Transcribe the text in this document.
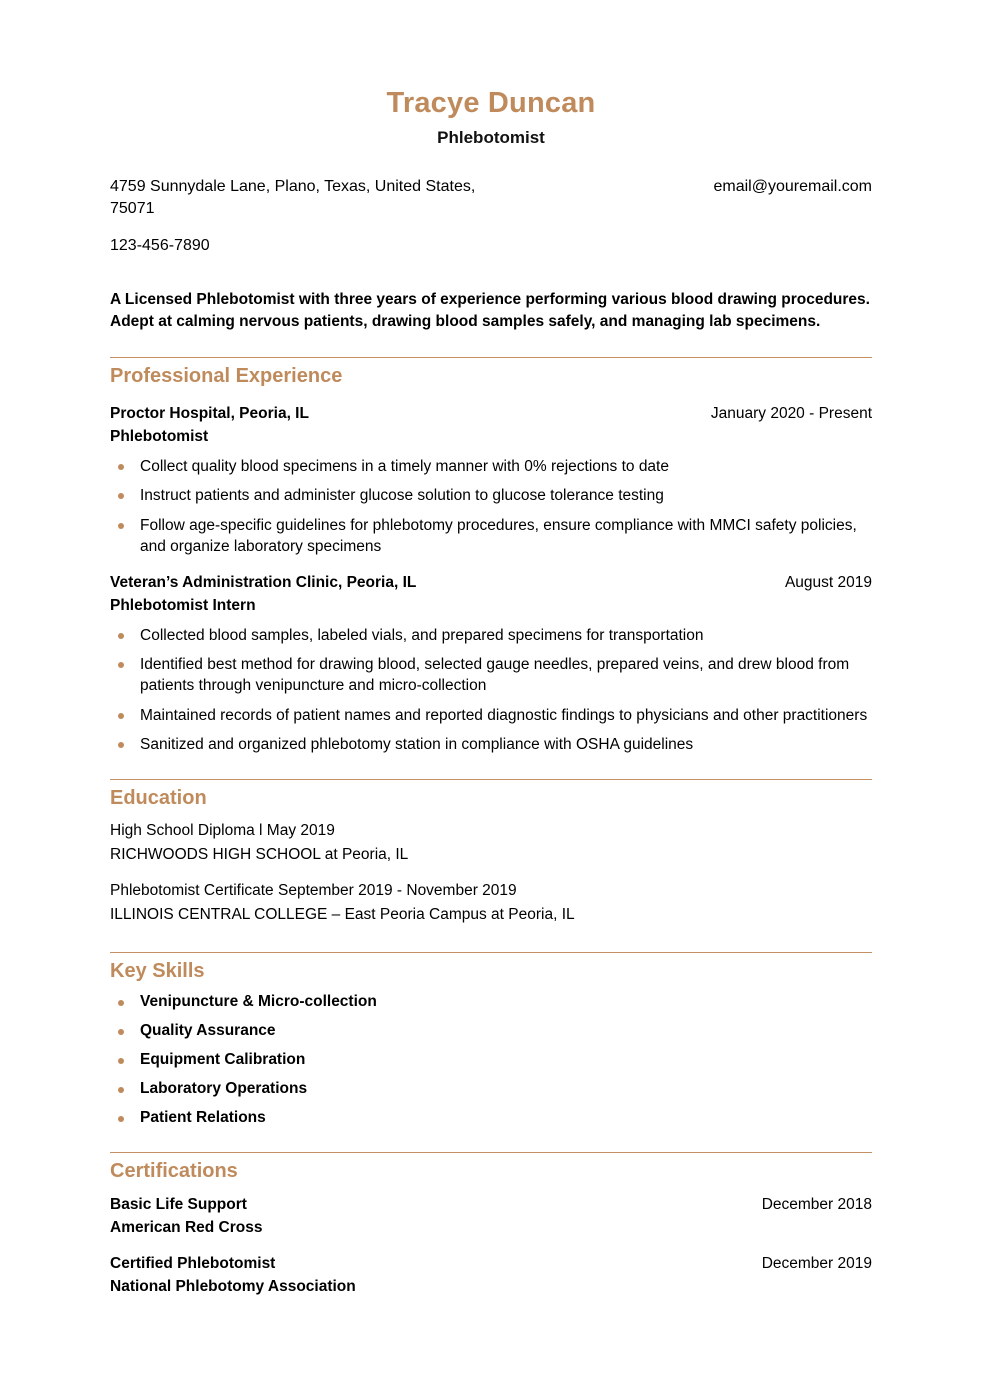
Tracye Duncan
Phlebotomist
4759 Sunnydale Lane, Plano, Texas, United States, 75071
email@youremail.com
123-456-7890
A Licensed Phlebotomist with three years of experience performing various blood drawing procedures. Adept at calming nervous patients, drawing blood samples safely, and managing lab specimens.
Professional Experience
Proctor Hospital, Peoria, IL	January 2020 - Present
Phlebotomist
Collect quality blood specimens in a timely manner with 0% rejections to date
Instruct patients and administer glucose solution to glucose tolerance testing
Follow age-specific guidelines for phlebotomy procedures, ensure compliance with MMCI safety policies, and organize laboratory specimens
Veteran’s Administration Clinic, Peoria, IL	August 2019
Phlebotomist Intern
Collected blood samples, labeled vials, and prepared specimens for transportation
Identified best method for drawing blood, selected gauge needles, prepared veins, and drew blood from patients through venipuncture and micro-collection
Maintained records of patient names and reported diagnostic findings to physicians and other practitioners
Sanitized and organized phlebotomy station in compliance with OSHA guidelines
Education
High School Diploma l May 2019
RICHWOODS HIGH SCHOOL at Peoria, IL
Phlebotomist Certificate September 2019 - November 2019
ILLINOIS CENTRAL COLLEGE – East Peoria Campus at Peoria, IL
Key Skills
Venipuncture & Micro-collection
Quality Assurance
Equipment Calibration
Laboratory Operations
Patient Relations
Certifications
Basic Life Support	December 2018
American Red Cross
Certified Phlebotomist	December 2019
National Phlebotomy Association
